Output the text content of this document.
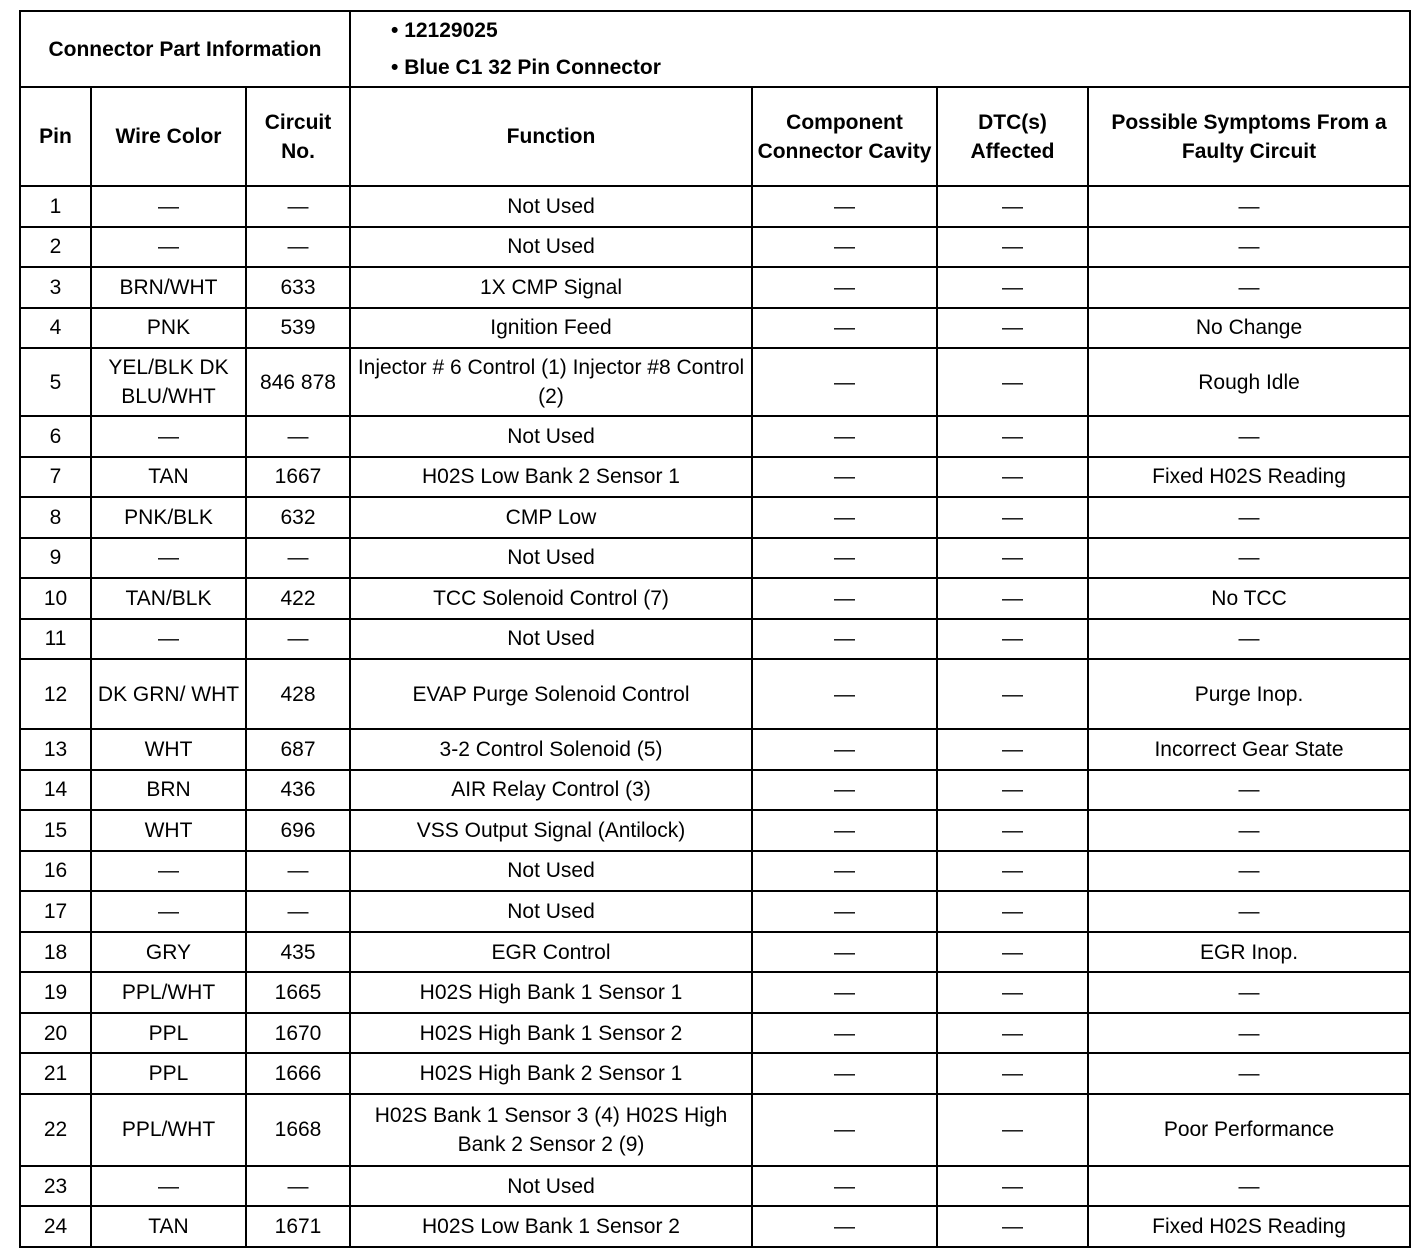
Connector Part Information			• 12129025
• Blue C1 32 Pin Connector			

Pin	Wire Color	Circuit No.	Function	Component Connector Cavity	DTC(s) Affected	Possible Symptoms From a Faulty Circuit
1	—	—	Not Used	—	—	—
2	—	—	Not Used	—	—	—
3	BRN/WHT	633	1X CMP Signal	—	—	—
4	PNK	539	Ignition Feed	—	—	No Change
5	YEL/BLK DK BLU/WHT	846 878	Injector # 6 Control (1) Injector #8 Control (2)	—	—	Rough Idle
6	—	—	Not Used	—	—	—
7	TAN	1667	H02S Low Bank 2 Sensor 1	—	—	Fixed H02S Reading
8	PNK/BLK	632	CMP Low	—	—	—
9	—	—	Not Used	—	—	—
10	TAN/BLK	422	TCC Solenoid Control (7)	—	—	No TCC
11	—	—	Not Used	—	—	—
12	DK GRN/ WHT	428	EVAP Purge Solenoid Control	—	—	Purge Inop.
13	WHT	687	3-2 Control Solenoid (5)	—	—	Incorrect Gear State
14	BRN	436	AIR Relay Control (3)	—	—	—
15	WHT	696	VSS Output Signal (Antilock)	—	—	—
16	—	—	Not Used	—	—	—
17	—	—	Not Used	—	—	—
18	GRY	435	EGR Control	—	—	EGR Inop.
19	PPL/WHT	1665	H02S High Bank 1 Sensor 1	—	—	—
20	PPL	1670	H02S High Bank 1 Sensor 2	—	—	—
21	PPL	1666	H02S High Bank 2 Sensor 1	—	—	—
22	PPL/WHT	1668	H02S Bank 1 Sensor 3 (4) H02S High Bank 2 Sensor 2 (9)	—	—	Poor Performance
23	—	—	Not Used	—	—	—
24	TAN	1671	H02S Low Bank 1 Sensor 2	—	—	Fixed H02S Reading
